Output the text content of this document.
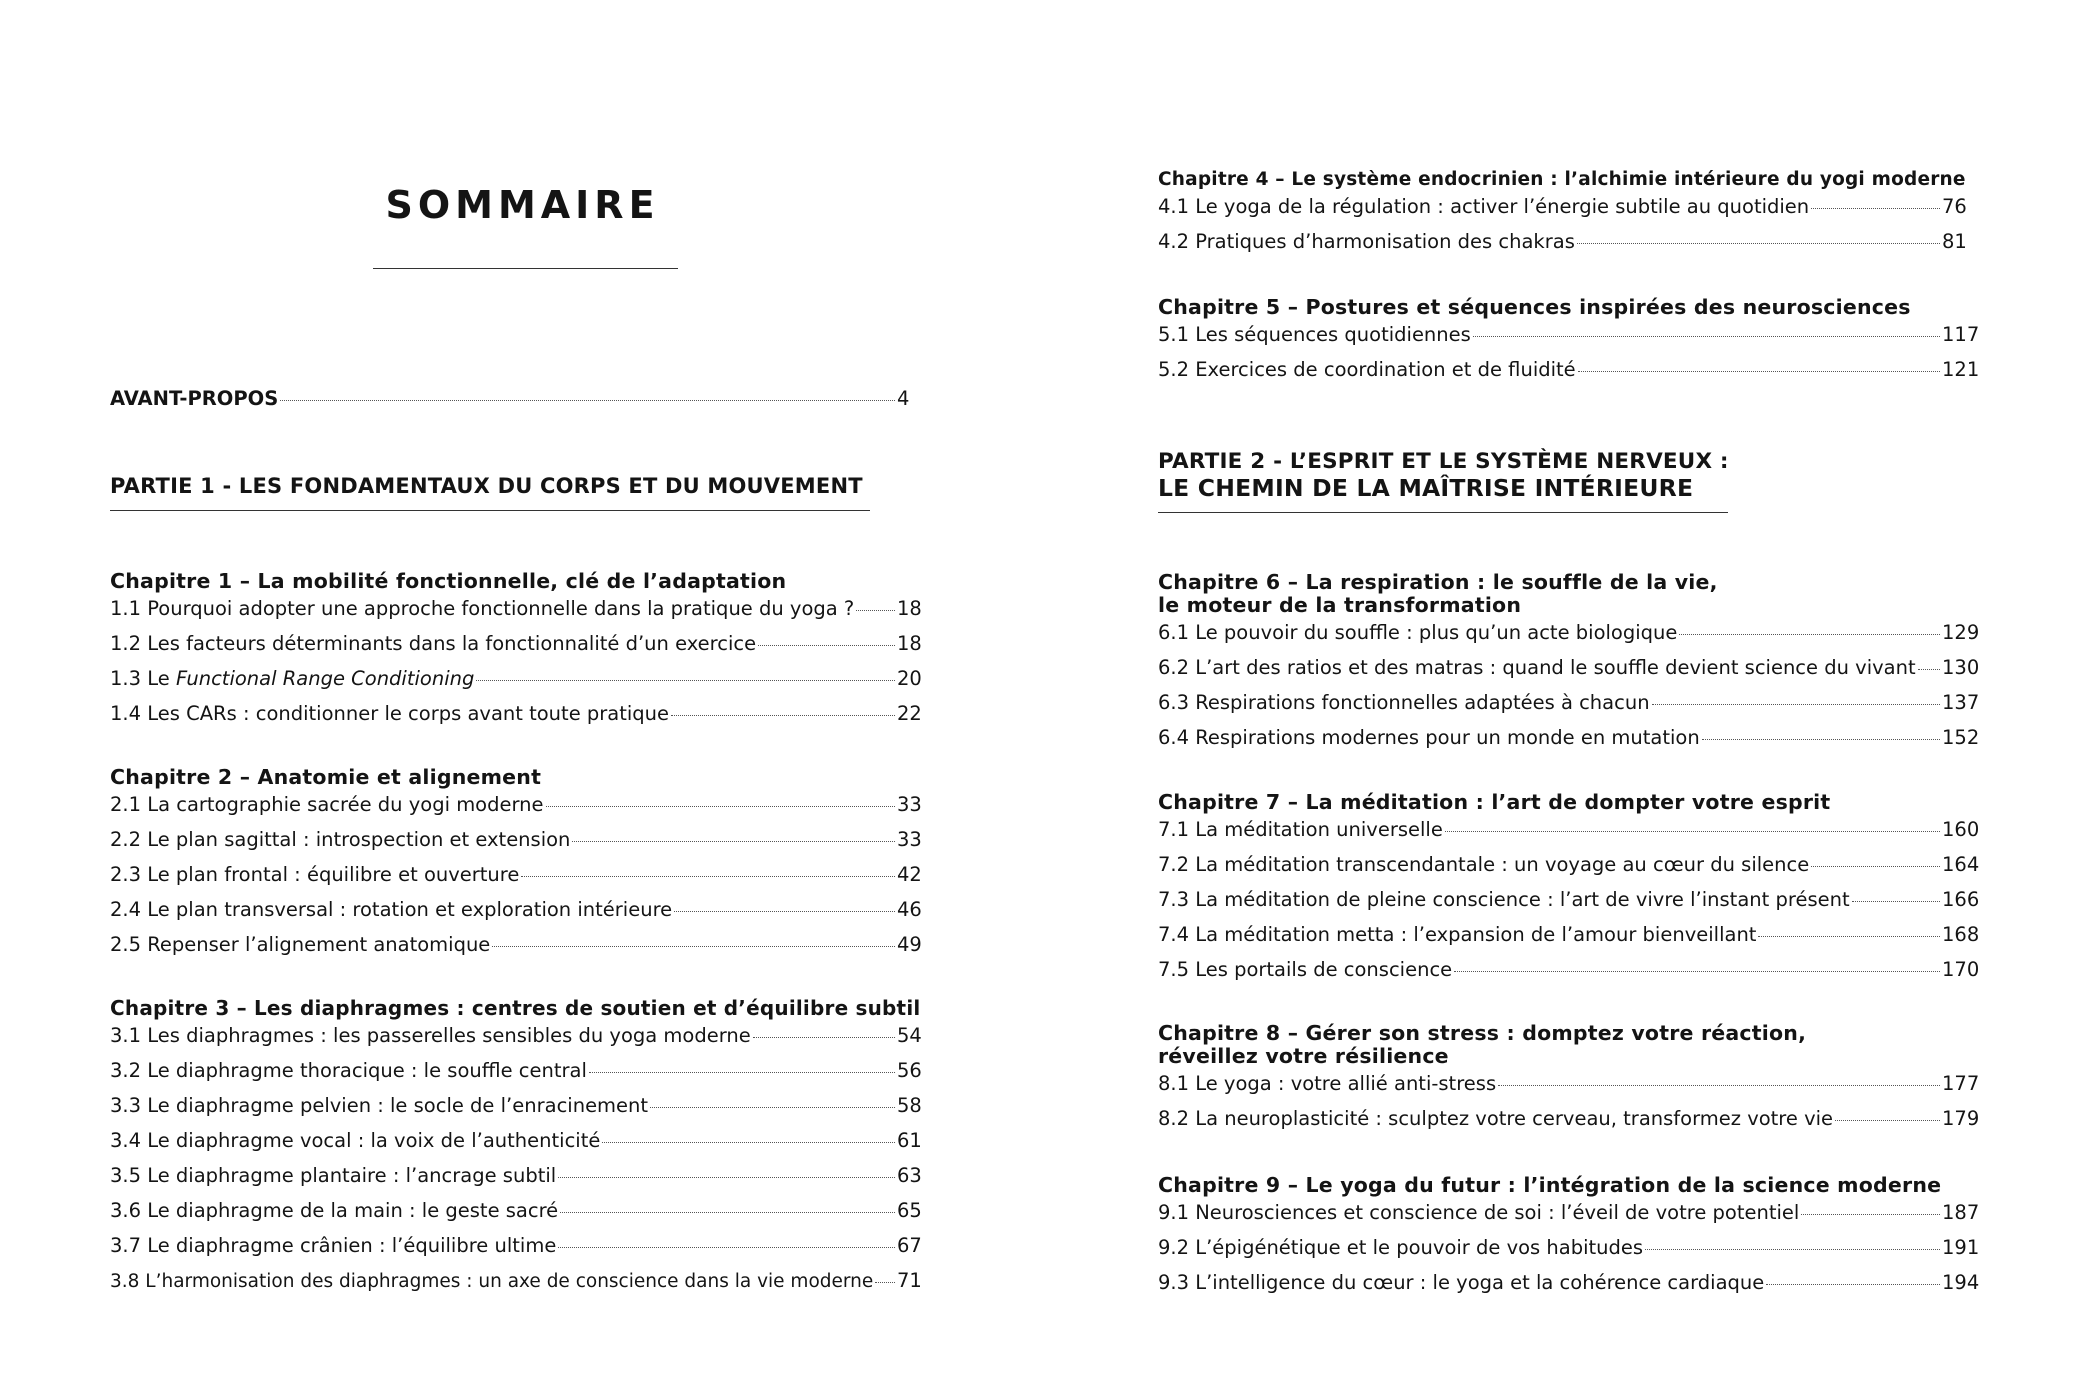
SOMMAIRE
AVANT-PROPOS	4
PARTIE 1 - LES FONDAMENTAUX DU CORPS ET DU MOUVEMENT
Chapitre 1 – La mobilité fonctionnelle, clé de l’adaptation
1.1 Pourquoi adopter une approche fonctionnelle dans la pratique du yoga ? 18
1.2 Les facteurs déterminants dans la fonctionnalité d’un exercice	18
1.3 Le Functional Range Conditioning	20
1.4 Les CARs : conditionner le corps avant toute pratique	22
Chapitre 2 – Anatomie et alignement
2.1 La cartographie sacrée du yogi moderne	33
2.2 Le plan sagittal : introspection et extension	33
2.3 Le plan frontal : équilibre et ouverture	42
2.4 Le plan transversal : rotation et exploration intérieure	46
2.5 Repenser l’alignement anatomique	49
Chapitre 3 – Les diaphragmes : centres de soutien et d’équilibre subtil
3.1 Les diaphragmes : les passerelles sensibles du yoga moderne	54
3.2 Le diaphragme thoracique : le souffle central	56
3.3 Le diaphragme pelvien : le socle de l’enracinement	58
3.4 Le diaphragme vocal : la voix de l’authenticité	61
3.5 Le diaphragme plantaire : l’ancrage subtil	63
3.6 Le diaphragme de la main : le geste sacré	65
3.7 Le diaphragme crânien : l’équilibre ultime	67
3.8 L’harmonisation des diaphragmes : un axe de conscience dans la vie moderne 71
Chapitre 4 – Le système endocrinien : l’alchimie intérieure du yogi moderne
4.1 Le yoga de la régulation : activer l’énergie subtile au quotidien	76
4.2 Pratiques d’harmonisation des chakras	81
Chapitre 5 – Postures et séquences inspirées des neurosciences
5.1 Les séquences quotidiennes	117
5.2 Exercices de coordination et de fluidité	121
PARTIE 2 - L’ESPRIT ET LE SYSTÈME NERVEUX :
LE CHEMIN DE LA MAÎTRISE INTÉRIEURE
Chapitre 6 – La respiration : le souffle de la vie,
le moteur de la transformation
6.1 Le pouvoir du souffle : plus qu’un acte biologique	129
6.2 L’art des ratios et des matras : quand le souffle devient science du vivant 130
6.3 Respirations fonctionnelles adaptées à chacun	137
6.4 Respirations modernes pour un monde en mutation	152
Chapitre 7 – La méditation : l’art de dompter votre esprit
7.1 La méditation universelle	160
7.2 La méditation transcendantale : un voyage au cœur du silence	164
7.3 La méditation de pleine conscience : l’art de vivre l’instant présent	166
7.4 La méditation metta : l’expansion de l’amour bienveillant	168
7.5 Les portails de conscience	170
Chapitre 8 – Gérer son stress : domptez votre réaction,
réveillez votre résilience
8.1 Le yoga : votre allié anti-stress	177
8.2 La neuroplasticité : sculptez votre cerveau, transformez votre vie	179
Chapitre 9 – Le yoga du futur : l’intégration de la science moderne
9.1 Neurosciences et conscience de soi : l’éveil de votre potentiel	187
9.2 L’épigénétique et le pouvoir de vos habitudes	191
9.3 L’intelligence du cœur : le yoga et la cohérence cardiaque	194
